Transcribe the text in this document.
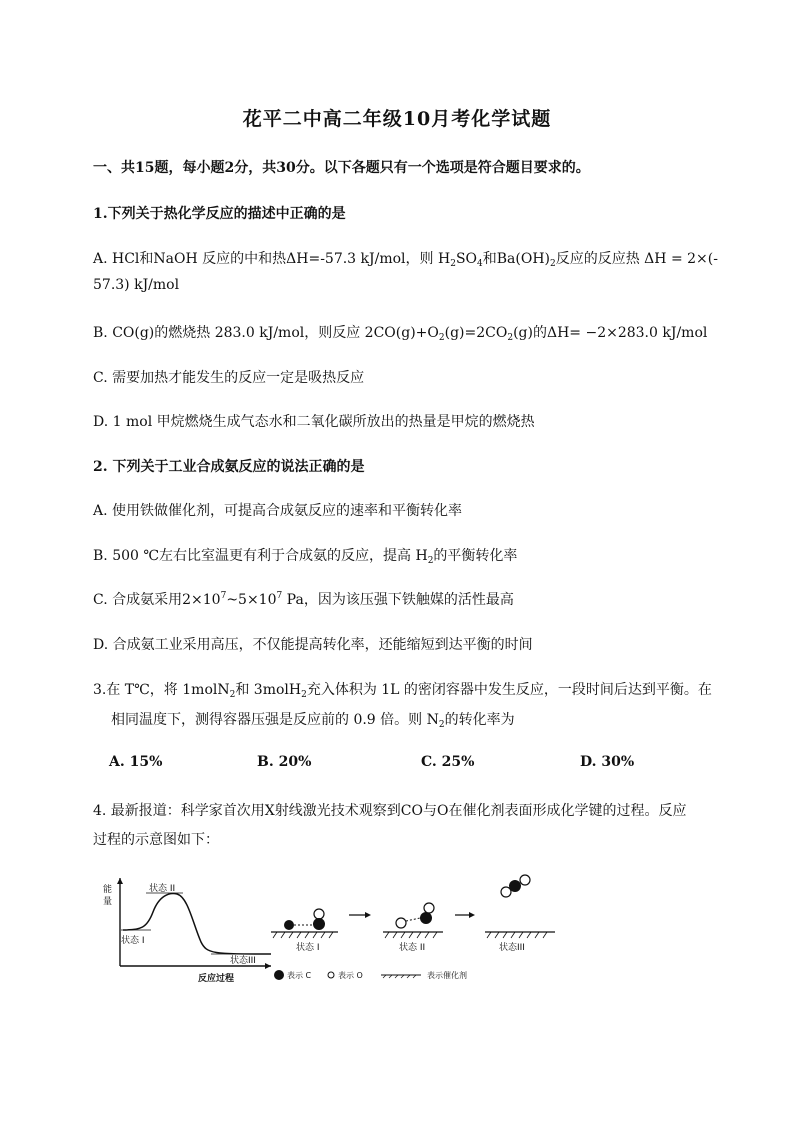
花平二中高二年级10月考化学试题
一、共15题，每小题2分，共30分。以下各题只有一个选项是符合题目要求的。
1.下列关于热化学反应的描述中正确的是
A. HCl和NaOH 反应的中和热ΔH=-57.3 kJ/mol，则 $H_2SO_4$和$Ba(OH)_2$反应的反应热 ΔH = 2×(-
57.3) kJ/mol
B. CO(g)的燃烧热 283.0 kJ/mol，则反应 $2CO(g)+O_2(g)=2CO_2(g)$的ΔH= −2×283.0 kJ/mol
C. 需要加热才能发生的反应一定是吸热反应
D. 1 mol 甲烷燃烧生成气态水和二氧化碳所放出的热量是甲烷的燃烧热
2. 下列关于工业合成氨反应的说法正确的是
A. 使用铁做催化剂，可提高合成氨反应的速率和平衡转化率
B. 500 ℃左右比室温更有利于合成氨的反应，提高 $H_2$的平衡转化率
C. 合成氨采用$2\times 10^7\sim 5\times 10^7$ Pa，因为该压强下铁触媒的活性最高
D. 合成氨工业采用高压，不仅能提高转化率，还能缩短到达平衡的时间
3.在 T℃，将 1molN$_2$和 3molH$_2$充入体积为 1L 的密闭容器中发生反应，一段时间后达到平衡。在
相同温度下，测得容器压强是反应前的 0.9 倍。则 $N_2$的转化率为
A. 15%	B. 20%	C. 25%	D. 30%
4. 最新报道：科学家首次用X射线激光技术观察到CO与O在催化剂表面形成化学键的过程。反应
过程的示意图如下：
能
量
状态 II
状态 I
状态III
反应过程
状态 I	状态 II	状态III
表示 C	表示 O	表示催化剂
